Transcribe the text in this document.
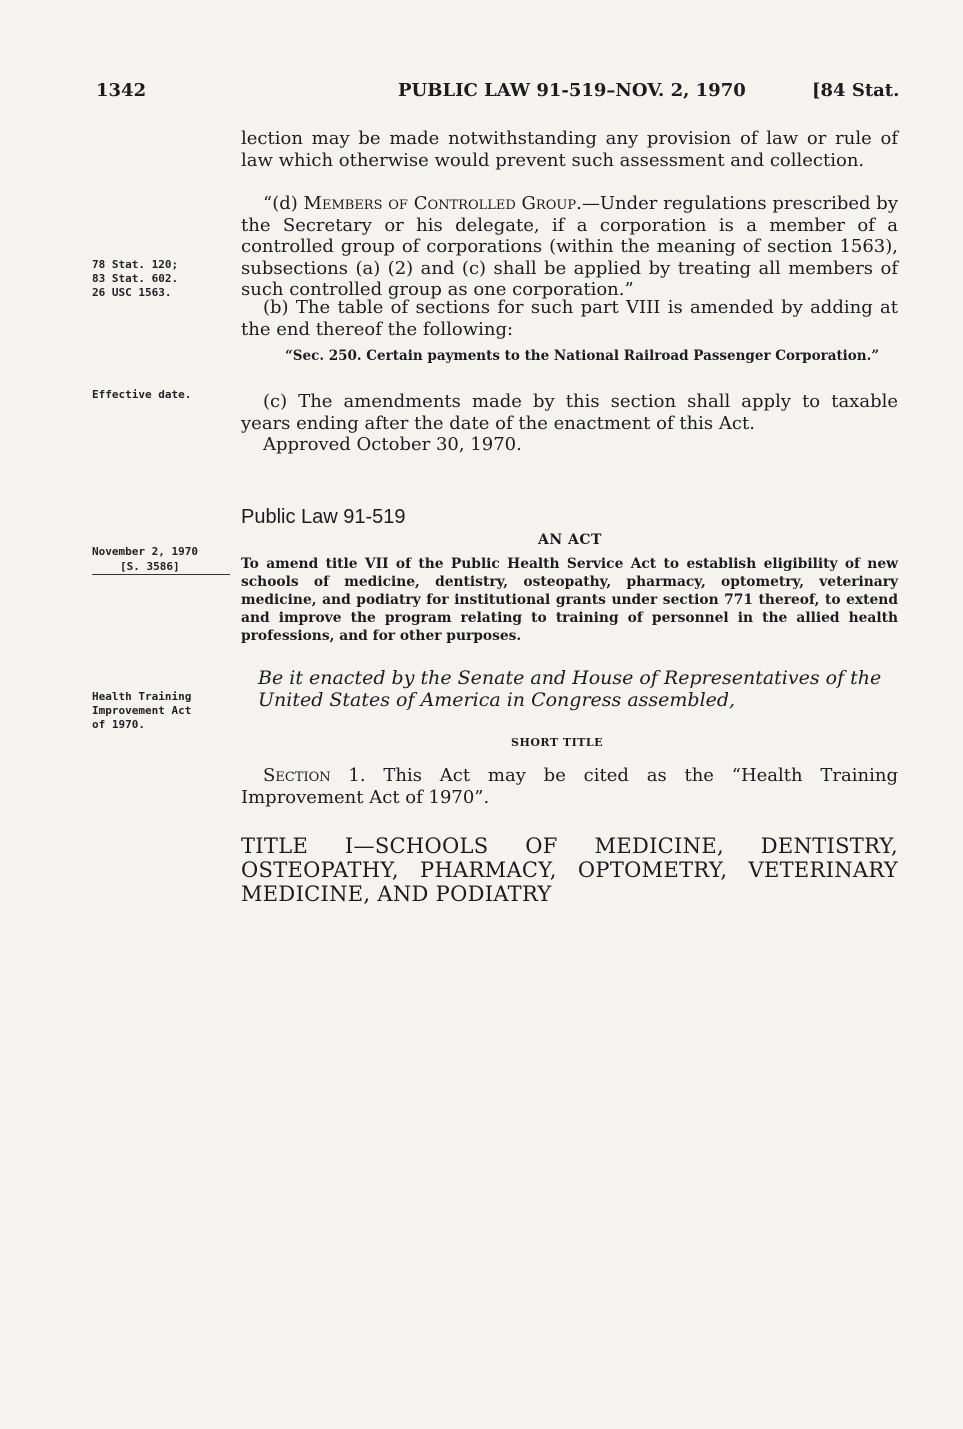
1342	PUBLIC LAW 91-519–NOV. 2, 1970	[84 Stat.
lection may be made notwithstanding any provision of law or rule of law which otherwise would prevent such assessment and collection.
“(d) Members of Controlled Group.—Under regulations prescribed by the Secretary or his delegate, if a corporation is a member of a controlled group of corporations (within the meaning of section 1563), subsections (a) (2) and (c) shall be applied by treating all members of such controlled group as one corporation.”
(b) The table of sections for such part VIII is amended by adding at the end thereof the following:
“Sec. 250. Certain payments to the National Railroad Passenger Corporation.”
(c) The amendments made by this section shall apply to taxable years ending after the date of the enactment of this Act.
Approved October 30, 1970.
78 Stat. 120;
83 Stat. 602.
26 USC 1563.
Effective date.
November 2, 1970
[S. 3586]
Health Training
Improvement Act
of 1970.
Public Law 91-519
AN ACT
To amend title VII of the Public Health Service Act to establish eligibility of new schools of medicine, dentistry, osteopathy, pharmacy, optometry, veterinary medicine, and podiatry for institutional grants under section 771 thereof, to extend and improve the program relating to training of personnel in the allied health professions, and for other purposes.
Be it enacted by the Senate and House of Representatives of the United States of America in Congress assembled,
SHORT TITLE
Section 1. This Act may be cited as the “Health Training Improvement Act of 1970”.
TITLE I—SCHOOLS OF MEDICINE, DENTISTRY, OSTEOPATHY, PHARMACY, OPTOMETRY, VETERINARY MEDICINE, AND PODIATRY
